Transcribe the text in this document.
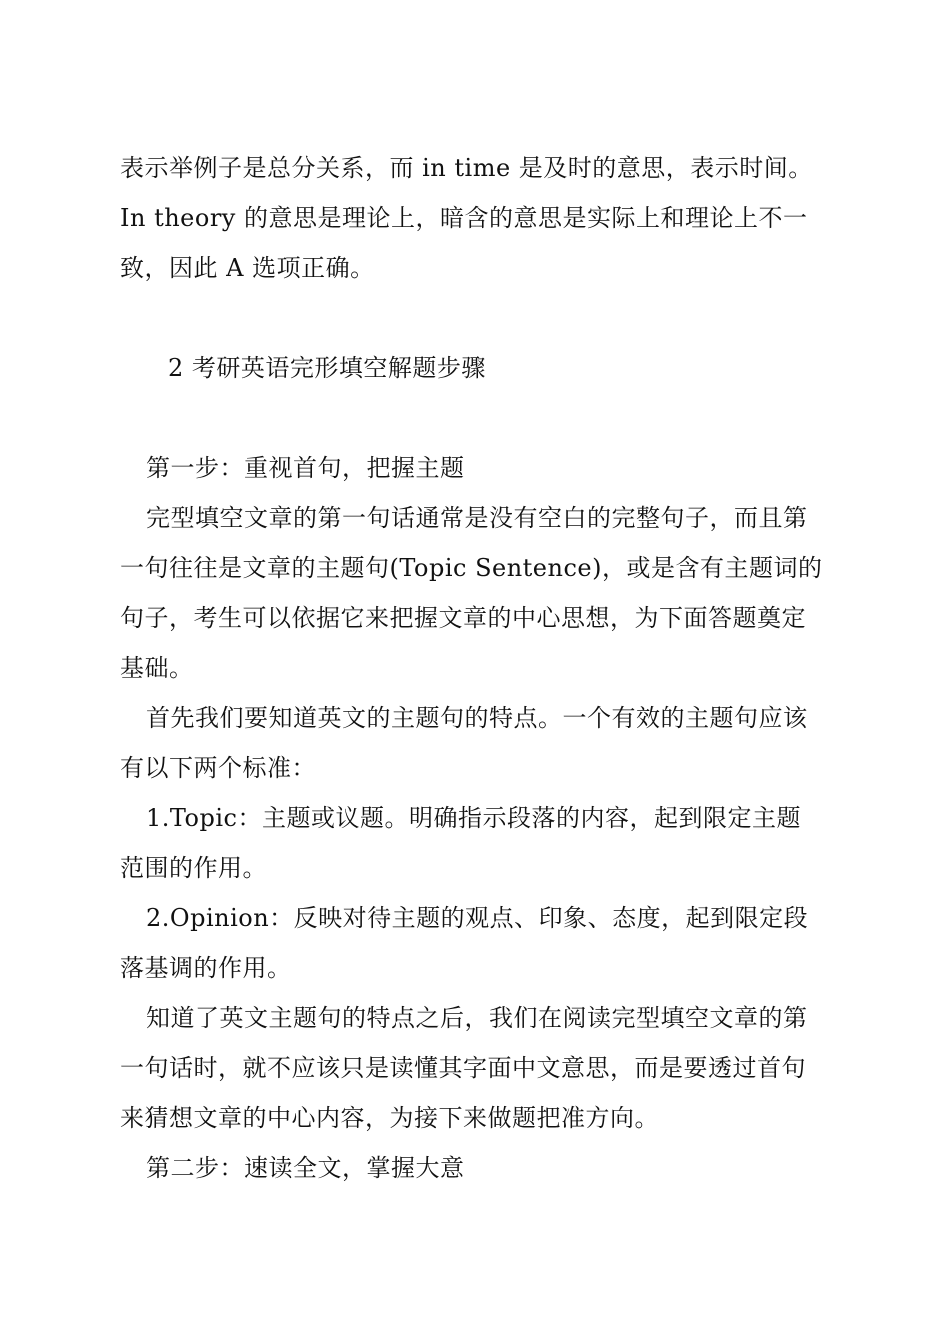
表示举例子是总分关系，而 in time 是及时的意思，表示时间。
In theory 的意思是理论上，暗含的意思是实际上和理论上不一
致，因此 A 选项正确。
2 考研英语完形填空解题步骤
第一步：重视首句，把握主题
完型填空文章的第一句话通常是没有空白的完整句子，而且第
一句往往是文章的主题句(Topic Sentence)，或是含有主题词的
句子，考生可以依据它来把握文章的中心思想，为下面答题奠定
基础。
首先我们要知道英文的主题句的特点。一个有效的主题句应该
有以下两个标准：
1.Topic：主题或议题。明确指示段落的内容，起到限定主题
范围的作用。
2.Opinion：反映对待主题的观点、印象、态度，起到限定段
落基调的作用。
知道了英文主题句的特点之后，我们在阅读完型填空文章的第
一句话时，就不应该只是读懂其字面中文意思，而是要透过首句
来猜想文章的中心内容，为接下来做题把准方向。
第二步：速读全文，掌握大意
